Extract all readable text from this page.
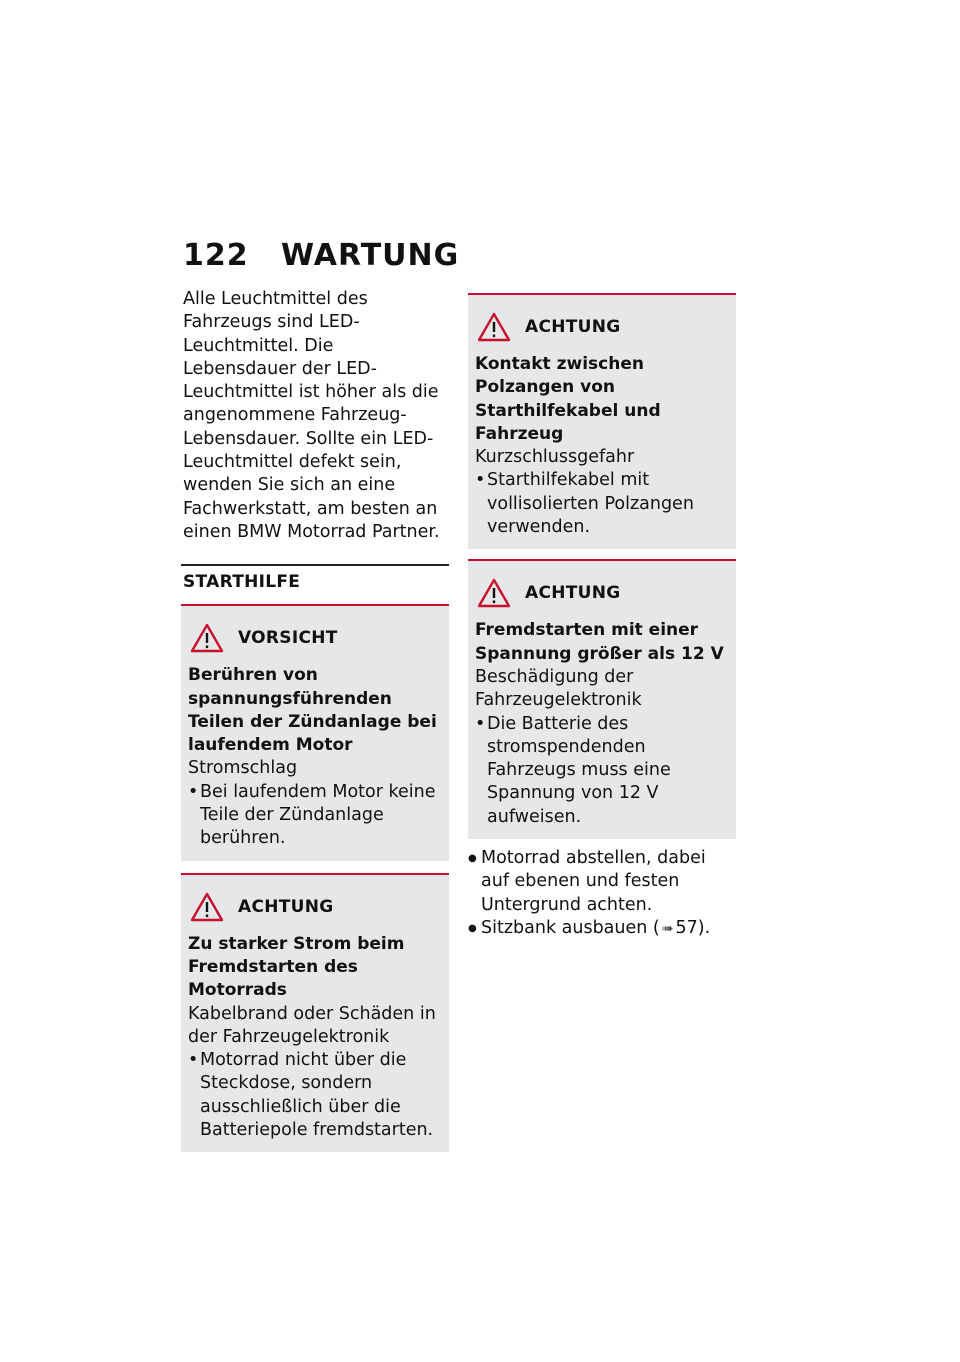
122 WARTUNG

Alle Leuchtmittel des Fahrzeugs sind LED-Leuchtmittel. Die Lebensdauer der LED-Leuchtmittel ist höher als die angenommene Fahrzeug-Lebensdauer. Sollte ein LED-Leuchtmittel defekt sein, wenden Sie sich an eine Fachwerkstatt, am besten an einen BMW Motorrad Partner.

STARTHILFE
VORSICHT
Berühren von spannungsführenden Teilen der Zündanlage bei laufendem Motor
Stromschlag
• Bei laufendem Motor keine Teile der Zündanlage berühren.
ACHTUNG
Zu starker Strom beim Fremdstarten des Motorrads
Kabelbrand oder Schäden in der Fahrzeugelektronik
• Motorrad nicht über die Steckdose, sondern ausschließlich über die Batteriepole fremdstarten.
ACHTUNG
Kontakt zwischen Polzangen von Starthilfekabel und Fahrzeug
Kurzschlussgefahr
• Starthilfekabel mit vollisolierten Polzangen verwenden.
ACHTUNG
Fremdstarten mit einer Spannung größer als 12 V
Beschädigung der Fahrzeugelektronik
• Die Batterie des stromspendenden Fahrzeugs muss eine Spannung von 12 V aufweisen.
● Motorrad abstellen, dabei auf ebenen und festen Untergrund achten.
● Sitzbank ausbauen ( ➠ 57).
